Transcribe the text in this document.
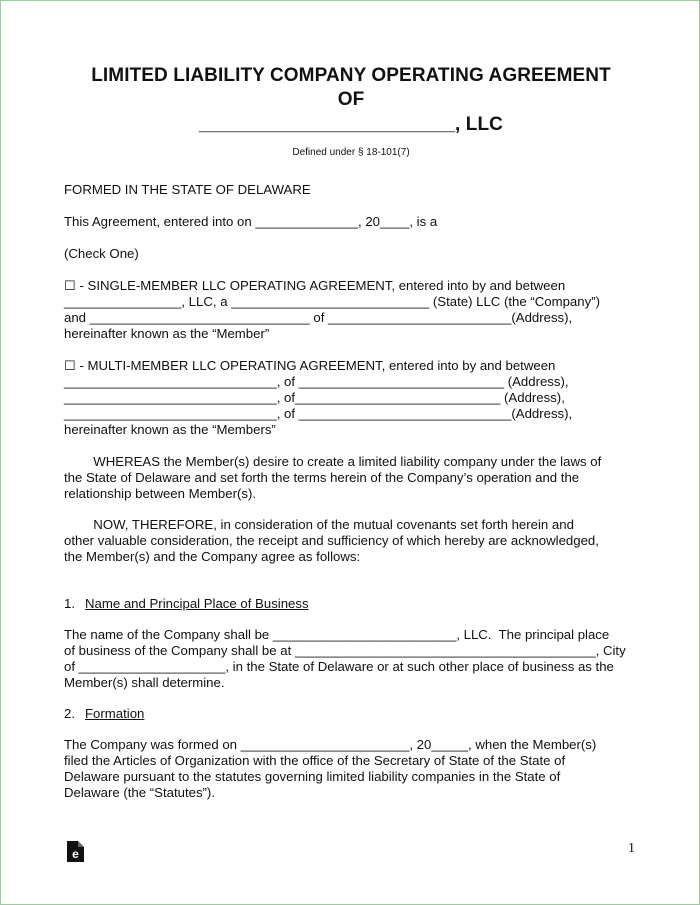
LIMITED LIABILITY COMPANY OPERATING AGREEMENT
OF
________________________, LLC
Defined under § 18-101(7)
FORMED IN THE STATE OF DELAWARE
This Agreement, entered into on ______________, 20____, is a
(Check One)
☐ - SINGLE-MEMBER LLC OPERATING AGREEMENT, entered into by and between
________________, LLC, a ___________________________ (State) LLC (the “Company”)
and ______________________________ of _________________________(Address),
hereinafter known as the “Member”
☐ - MULTI-MEMBER LLC OPERATING AGREEMENT, entered into by and between
_____________________________, of ____________________________ (Address),
_____________________________, of____________________________ (Address),
_____________________________, of _____________________________(Address),
hereinafter known as the “Members”
WHEREAS the Member(s) desire to create a limited liability company under the laws of
the State of Delaware and set forth the terms herein of the Company’s operation and the
relationship between Member(s).
NOW, THEREFORE, in consideration of the mutual covenants set forth herein and
other valuable consideration, the receipt and sufficiency of which hereby are acknowledged,
the Member(s) and the Company agree as follows:
1. Name and Principal Place of Business
The name of the Company shall be _________________________, LLC.  The principal place
of business of the Company shall be at _________________________________________, City
of ____________________, in the State of Delaware or at such other place of business as the
Member(s) shall determine.
2. Formation
The Company was formed on _______________________, 20_____, when the Member(s)
filed the Articles of Organization with the office of the Secretary of State of the State of
Delaware pursuant to the statutes governing limited liability companies in the State of
Delaware (the “Statutes”).
e	1
